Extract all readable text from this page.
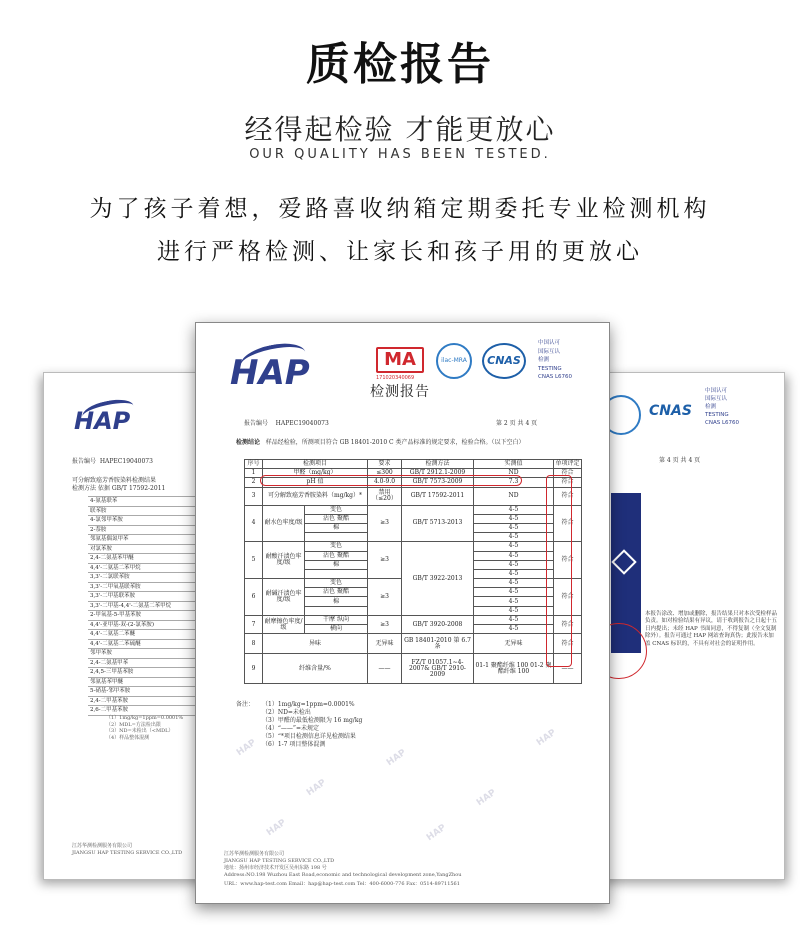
质检报告
经得起检验 才能更放心
OUR QUALITY HAS BEEN TESTED.
为了孩子着想，爱路喜收纳箱定期委托专业检测机构
进行严格检测、让家长和孩子用的更放心
HAP
报告编号  HAPEC19040073
可分解致癌芳香胺染料检测结果
检测方法 依据 GB/T 17592-2011
4-氨基联苯
联苯胺
4-氯邻甲苯胺
2-萘胺
邻氨基偶氮甲苯
对氯苯胺
2,4-二氨基苯甲醚
4,4'-二氨基二苯甲烷
3,3'-二氯联苯胺
3,3'-二甲氧基联苯胺
3,3'-二甲基联苯胺
3,3'-二甲基-4,4'-二氨基二苯甲烷
2-甲氧基-5-甲基苯胺
4,4'-亚甲基-双-(2-氯苯胺)
4,4'-二氨基二苯醚
4,4'-二氨基二苯硫醚
邻甲苯胺
2,4-二氨基甲苯
2,4,5-三甲基苯胺
邻氨基苯甲醚
5-硝基-邻甲苯胺
2,4-二甲基苯胺
2,6-二甲基苯胺
（1）1mg/kg=1ppm=0.0001%
（2）MDL=方法检出限
（3）ND=未检出（<MDL）
（4）样品整体混测
江苏华测检测服务有限公司
JIANGSU HAP TESTING SERVICE CO.,LTD
CNAS
中国认可
国际互认
检测
TESTING
CNAS L6760
第 4 页 共 4 页
本报告涂改、增加或删除，报告结果只对本次受检样品负责。如对检验结果有异议，请于收到报告之日起十五日内提出；未经 HAP 书面同意，不得复制（全文复制除外）。报告可通过 HAP 网站查询真伪；此报告未加盖 CNAS 标识的，不具有对社会的证明作用。
HAP
HAP
HAP
HAP
HAP
HAP	HAP
HAP	MA
171020340069
ilac-MRA	CNAS
中国认可
国际互认
检测
TESTING
CNAS L6760
检测报告
报告编号 HAPEC19040073	第 2 页 共 4 页
检测结论 样品经检验，所测项目符合 GB 18401-2010 C 类产品标准的规定要求，检验合格。（以下空白）
序号	检测项目		要求	检测方法	实测值	单项评定
1	甲醛（mg/kg）		≤300	GB/T 2912.1-2009	ND	符合
2	pH 值		4.0-9.0	GB/T 7573-2009	7.3	符合
3	可分解致癌芳香胺染料（mg/kg）*		禁用（≤20）	GB/T 17592-2011	ND	符合
4	耐水色牢度/级	变色	≥3	GB/T 5713-2013	4-5	符合
		沾色 聚酯			4-5	
		棉			4-5	
					4-5	
5	耐酸汗渍色牢度/级	变色	≥3	GB/T 3922-2013	4-5	符合
		沾色 聚酯			4-5	
		棉			4-5	
					4-5	
6	耐碱汗渍色牢度/级	变色	≥3		4-5	符合
		沾色 聚酯			4-5	
		棉			4-5	
					4-5	
7	耐摩擦色牢度/级	干摩 纵向	≥3	GB/T 3920-2008	4-5	符合
		横向			4-5	
8	异味		无异味	GB 18401-2010 第 6.7 条	无异味	符合
9	纤维含量/%		——	FZ/T 01057.1~4-2007& GB/T 2910-2009	01-1 聚酯纤维 100 01-2 聚酯纤维 100	——
备注： （1）1mg/kg=1ppm=0.0001%
（2）ND=未检出
（3）甲醛的最低检测限为 16 mg/kg
（4）“——”=未规定
（5）“*项目检测信息详见检测结果
（6）1-7 项目整体混测
江苏华测检测服务有限公司
JIANGSU HAP TESTING SERVICE CO.,LTD
地址：扬州市经济技术开发区吴州东路 198 号
Address:NO.198 Wuzhou East Road,economic and technological development zone,YangZhou
URL：www.hap-test.com Email：hap@hap-test.com Tel：400-6000-776 Fax：0514-89711561
